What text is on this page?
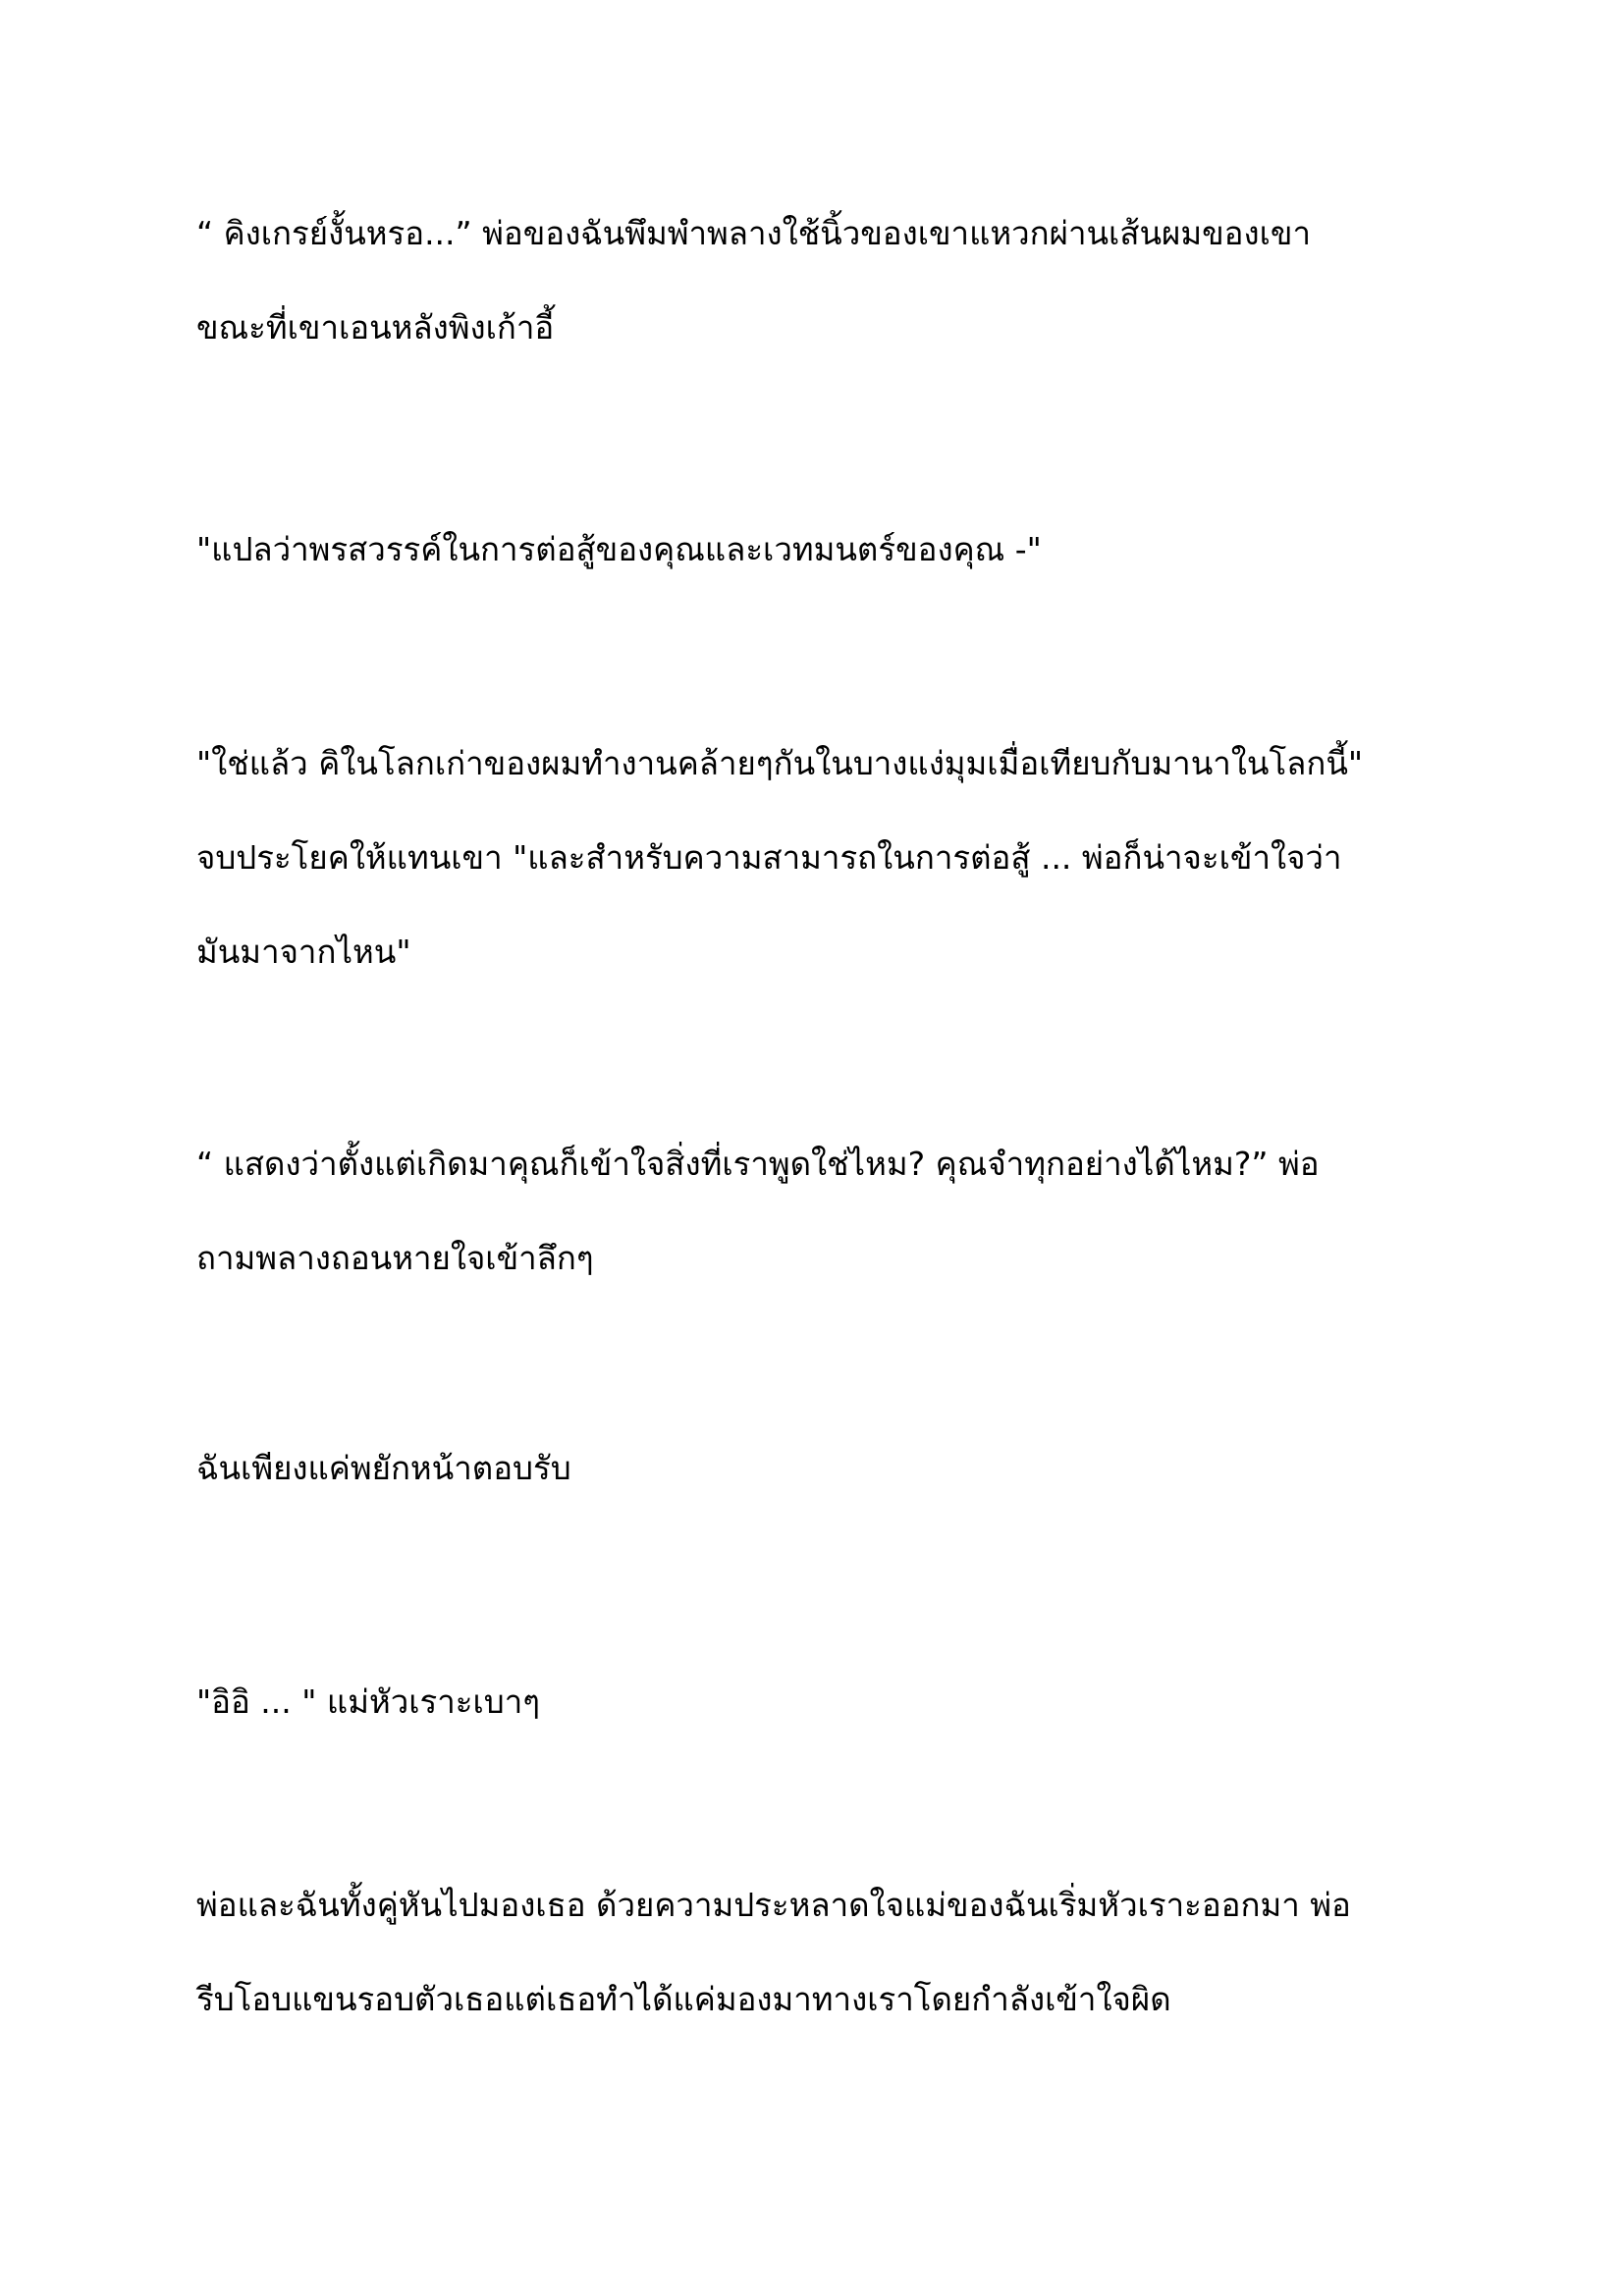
“ คิงเกรย์งั้นหรอ...” พ่อของฉันพึมพำพลางใช้นิ้วของเขาแหวกผ่านเส้นผมของเขา
ขณะที่เขาเอนหลังพิงเก้าอี้

"แปลว่าพรสวรรค์ในการต่อสู้ของคุณและเวทมนตร์ของคุณ -"

"ใช่แล้ว คิในโลกเก่าของผมทำงานคล้ายๆกันในบางแง่มุมเมื่อเทียบกับมานาในโลกนี้"
จบประโยคให้แทนเขา "และสำหรับความสามารถในการต่อสู้ ... พ่อก็น่าจะเข้าใจว่า
มันมาจากไหน"

“ แสดงว่าตั้งแต่เกิดมาคุณก็เข้าใจสิ่งที่เราพูดใช่ไหม? คุณจำทุกอย่างได้ไหม?” พ่อ
ถามพลางถอนหายใจเข้าลึกๆ

ฉันเพียงแค่พยักหน้าตอบรับ

"อิอิ ... " แม่หัวเราะเบาๆ

พ่อและฉันทั้งคู่หันไปมองเธอ ด้วยความประหลาดใจแม่ของฉันเริ่มหัวเราะออกมา พ่อ
รีบโอบแขนรอบตัวเธอแต่เธอทำได้แค่มองมาทางเราโดยกำลังเข้าใจผิด
